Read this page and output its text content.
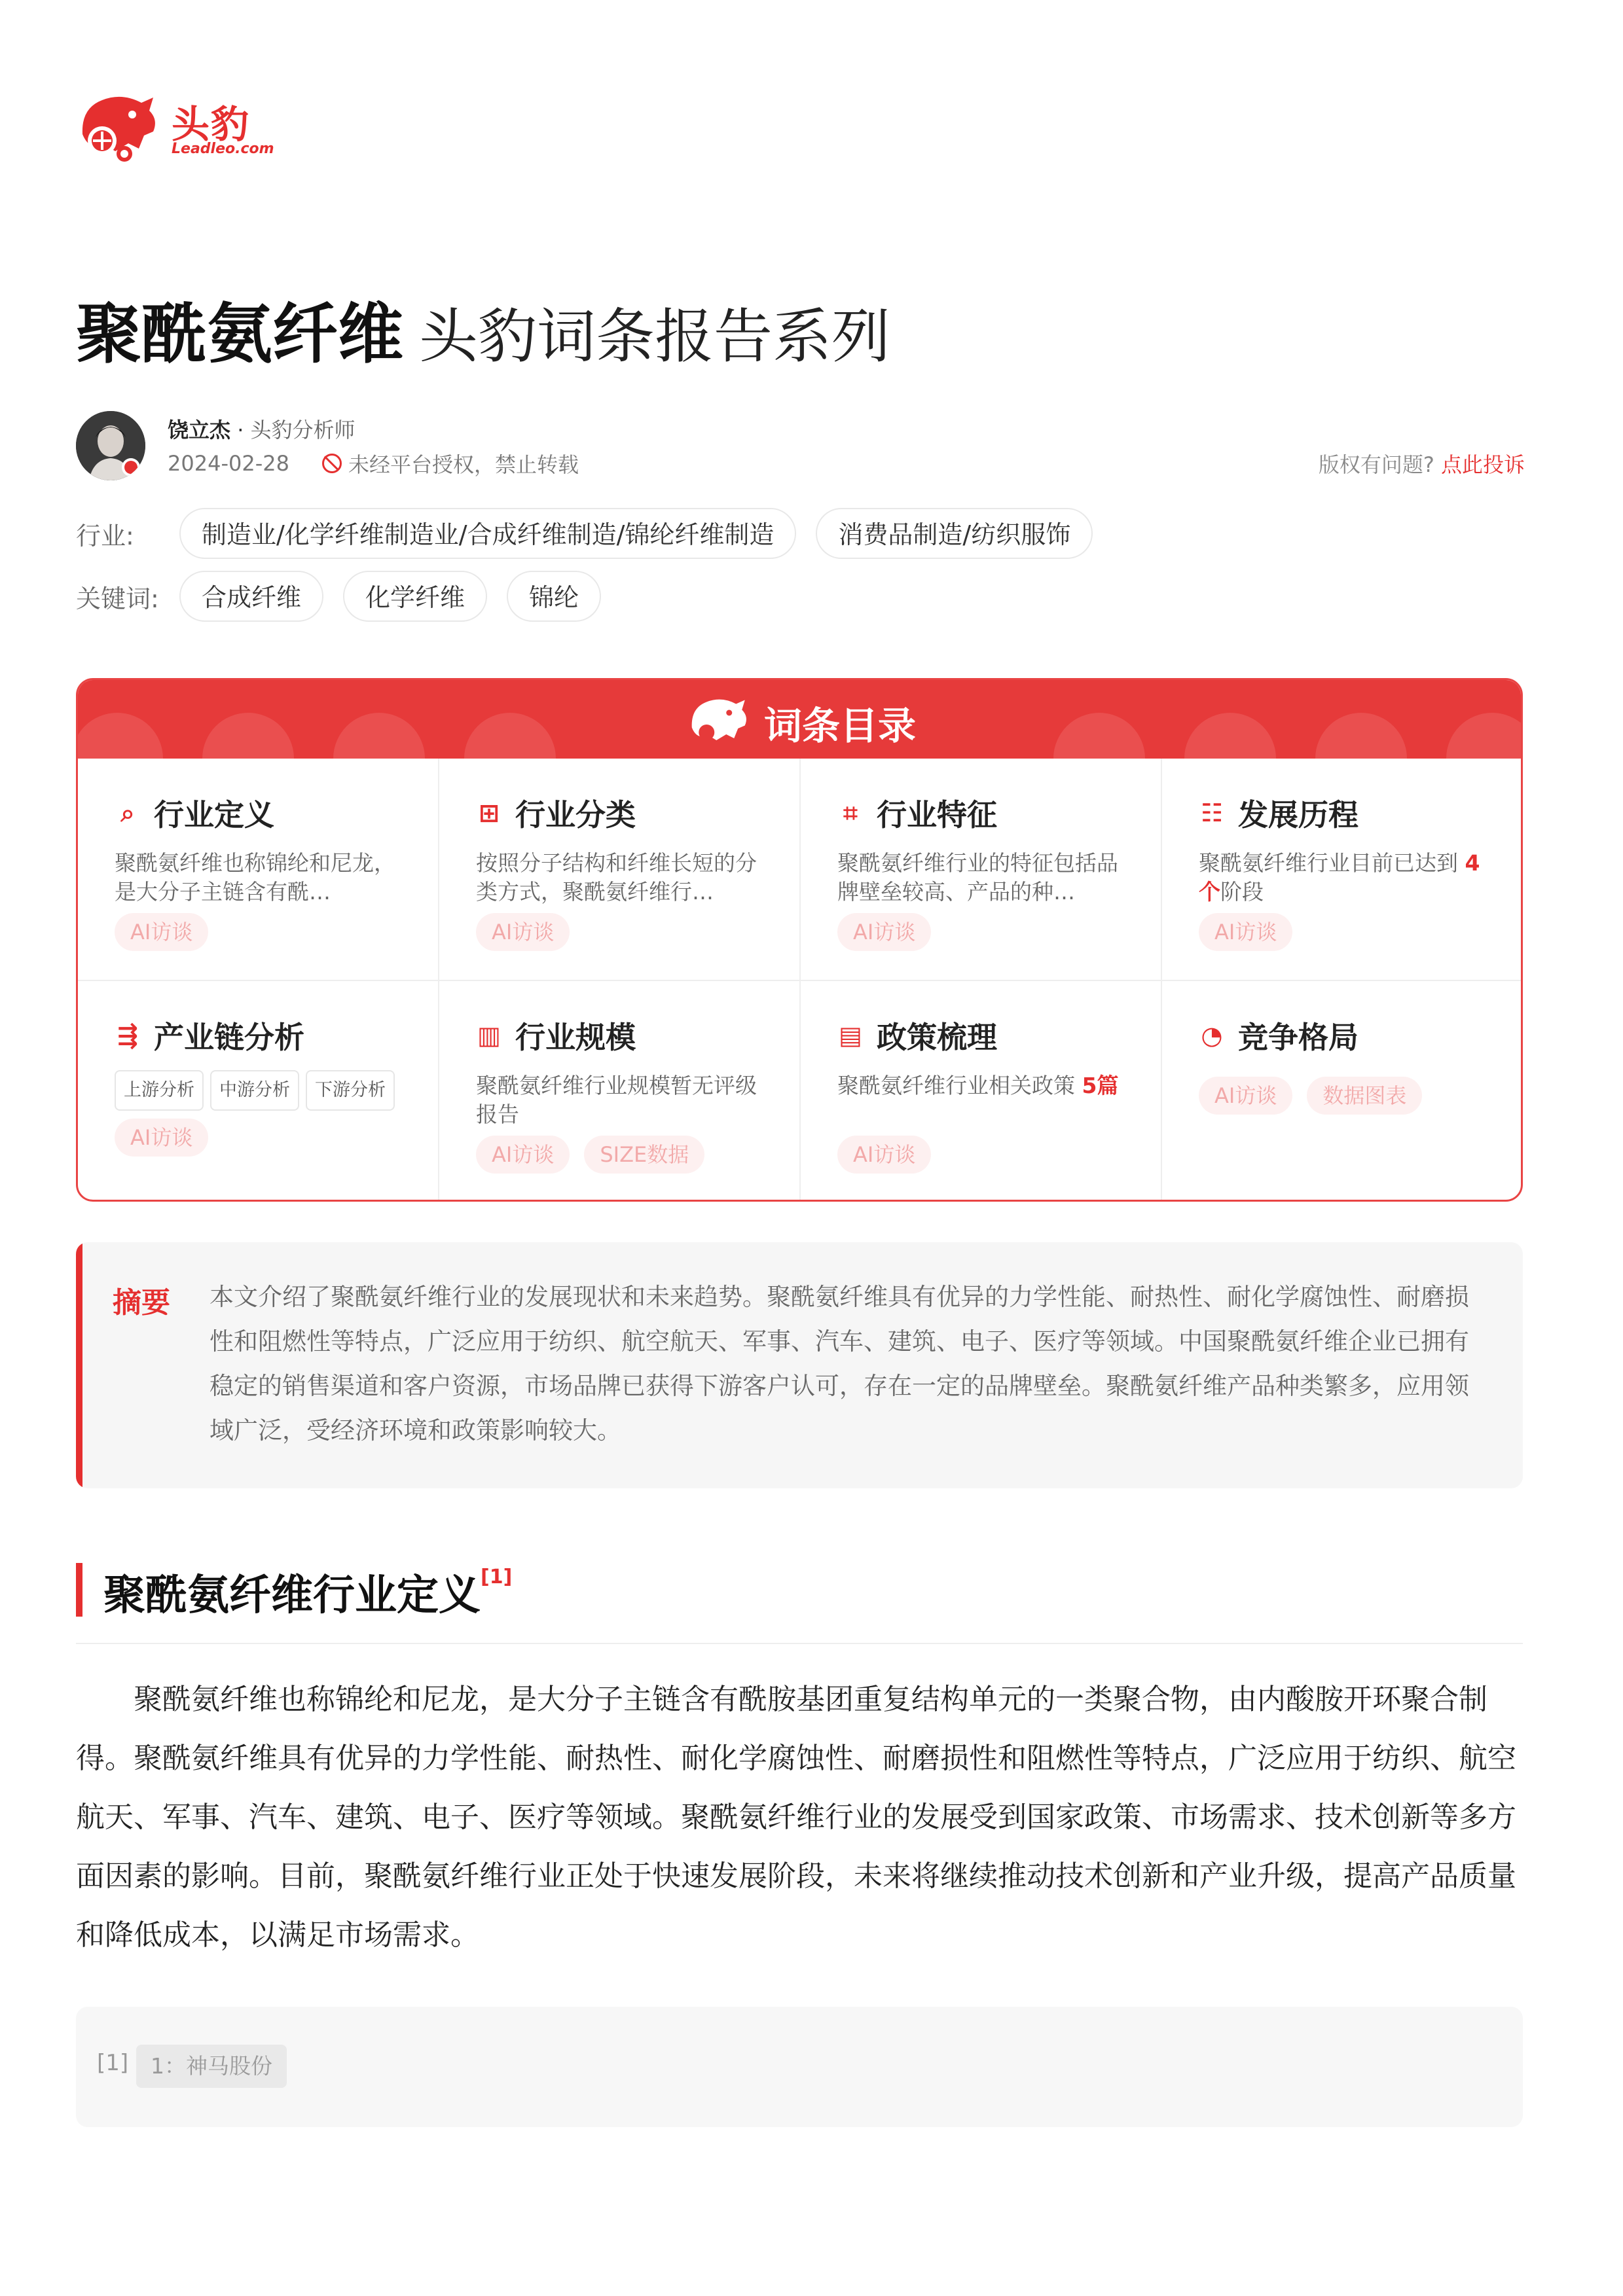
头豹
Leadleo.com
聚酰氨纤维 头豹词条报告系列
饶立杰 · 头豹分析师
2024-02-28	未经平台授权，禁止转载	版权有问题? 点此投诉
行业:	制造业/化学纤维制造业/合成纤维制造/锦纶纤维制造	消费品制造/纺织服饰
关键词:	合成纤维	化学纤维	锦纶
词条目录
⌕ 行业定义
聚酰氨纤维也称锦纶和尼龙，是大分子主链含有酰…
AI访谈
⊞ 行业分类
按照分子结构和纤维长短的分类方式，聚酰氨纤维行…
AI访谈
⌗ 行业特征
聚酰氨纤维行业的特征包括品牌壁垒较高、产品的种…
AI访谈
☷ 发展历程
聚酰氨纤维行业目前已达到 4个阶段
AI访谈
⇶ 产业链分析
上游分析 中游分析 下游分析
AI访谈
▥ 行业规模
聚酰氨纤维行业规模暂无评级报告
AI访谈 SIZE数据
▤ 政策梳理
聚酰氨纤维行业相关政策 5篇
AI访谈
◔ 竞争格局
AI访谈 数据图表
摘要 本文介绍了聚酰氨纤维行业的发展现状和未来趋势。聚酰氨纤维具有优异的力学性能、耐热性、耐化学腐蚀性、耐磨损性和阻燃性等特点，广泛应用于纺织、航空航天、军事、汽车、建筑、电子、医疗等领域。中国聚酰氨纤维企业已拥有稳定的销售渠道和客户资源，市场品牌已获得下游客户认可，存在一定的品牌壁垒。聚酰氨纤维产品种类繁多，应用领域广泛，受经济环境和政策影响较大。
聚酰氨纤维行业定义[1]
聚酰氨纤维也称锦纶和尼龙，是大分子主链含有酰胺基团重复结构单元的一类聚合物，由内酸胺开环聚合制得。聚酰氨纤维具有优异的力学性能、耐热性、耐化学腐蚀性、耐磨损性和阻燃性等特点，广泛应用于纺织、航空航天、军事、汽车、建筑、电子、医疗等领域。聚酰氨纤维行业的发展受到国家政策、市场需求、技术创新等多方面因素的影响。目前，聚酰氨纤维行业正处于快速发展阶段，未来将继续推动技术创新和产业升级，提高产品质量和降低成本，以满足市场需求。
[1]	1：神马股份
